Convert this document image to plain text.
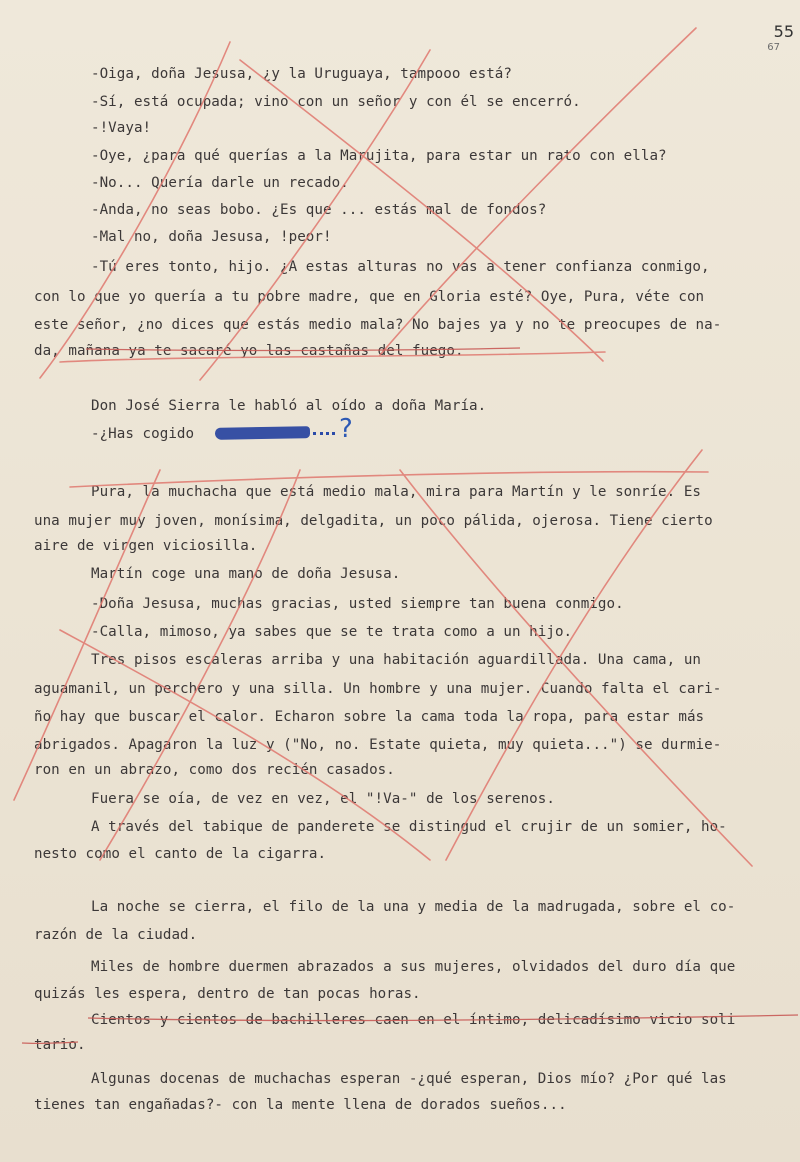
55
67

-Oiga, doña Jesusa, ¿y la Uruguaya, tampooo está?

-Sí, está ocupada; vino con un señor y con él se encerró.

-!Vaya!

-Oye, ¿para qué querías a la Marujita, para estar un rato con ella?

-No... Quería darle un recado.

-Anda, no seas bobo. ¿Es que ... estás mal de fondos?

-Mal no, doña Jesusa, !peor!

-Tú eres tonto, hijo. ¿A estas alturas no vas a tener confianza conmigo,

con lo que yo quería a tu pobre madre, que en Gloria esté? Oye, Pura, véte con

este señor, ¿no dices que estás medio mala? No bajes ya y no te preocupes de na-

da, mañana ya te sacaré yo las castañas del fuego.

Don José Sierra le habló al oído a doña María.

-¿Has cogido	?

Pura, la muchacha que está medio mala, mira para Martín y le sonríe. Es

una mujer muy joven, monísima, delgadita, un poco pálida, ojerosa. Tiene cierto

aire de virgen viciosilla.

Martín coge una mano de doña Jesusa.

-Doña Jesusa, muchas gracias, usted siempre tan buena conmigo.

-Calla, mimoso, ya sabes que se te trata como a un hijo.

Tres pisos escaleras arriba y una habitación aguardillada. Una cama, un

aguamanil, un perchero y una silla. Un hombre y una mujer. Cuando falta el cari-

ño hay que buscar el calor. Echaron sobre la cama toda la ropa, para estar más

abrigados. Apagaron la luz y ("No, no. Estate quieta, muy quieta...") se durmie-

ron en un abrazo, como dos recién casados.

Fuera se oía, de vez en vez, el "!Va-" de los serenos.

A través del tabique de panderete se distingud el crujir de un somier, ho-

nesto como el canto de la cigarra.

La noche se cierra, el filo de la una y media de la madrugada, sobre el co-

razón de la ciudad.

Miles de hombre duermen abrazados a sus mujeres, olvidados del duro día que

quizás les espera, dentro de tan pocas horas.

Cientos y cientos de bachilleres caen en el íntimo, delicadísimo vicio soli

tario.

Algunas docenas de muchachas esperan -¿qué esperan, Dios mío? ¿Por qué las

tienes tan engañadas?- con la mente llena de dorados sueños...
